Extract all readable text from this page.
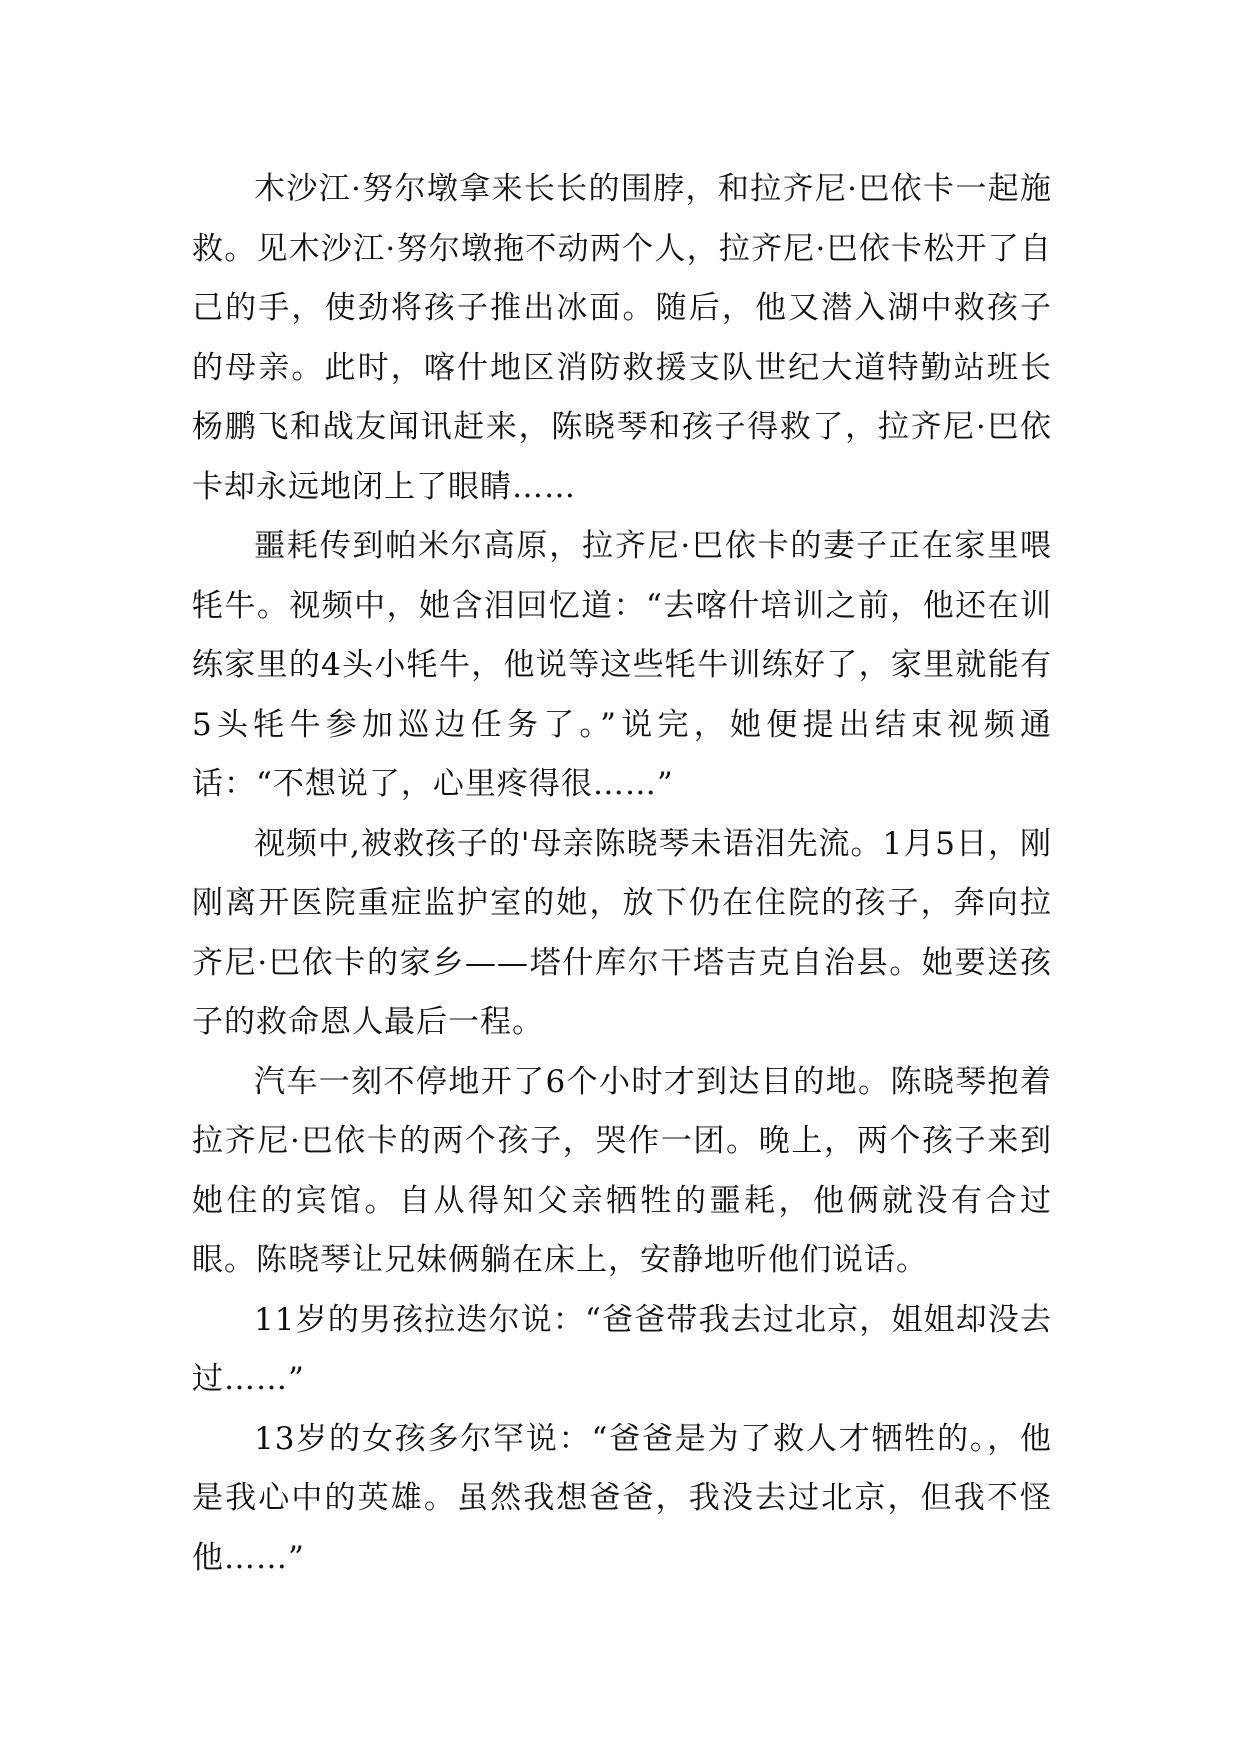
木沙江·努尔墩拿来长长的围脖，和拉齐尼·巴依卡一起施救。见木沙江·努尔墩拖不动两个人，拉齐尼·巴依卡松开了自己的手，使劲将孩子推出冰面。随后，他又潜入湖中救孩子的母亲。此时，喀什地区消防救援支队世纪大道特勤站班长杨鹏飞和战友闻讯赶来，陈晓琴和孩子得救了，拉齐尼·巴依卡却永远地闭上了眼睛……

噩耗传到帕米尔高原，拉齐尼·巴依卡的妻子正在家里喂牦牛。视频中，她含泪回忆道：“去喀什培训之前，他还在训练家里的4头小牦牛，他说等这些牦牛训练好了，家里就能有5头牦牛参加巡边任务了。”说完，她便提出结束视频通话：“不想说了，心里疼得很……”

视频中,被救孩子的'母亲陈晓琴未语泪先流。1月5日，刚刚离开医院重症监护室的她，放下仍在住院的孩子，奔向拉齐尼·巴依卡的家乡——塔什库尔干塔吉克自治县。她要送孩子的救命恩人最后一程。

汽车一刻不停地开了6个小时才到达目的地。陈晓琴抱着拉齐尼·巴依卡的两个孩子，哭作一团。晚上，两个孩子来到她住的宾馆。自从得知父亲牺牲的噩耗，他俩就没有合过眼。陈晓琴让兄妹俩躺在床上，安静地听他们说话。

11岁的男孩拉迭尔说：“爸爸带我去过北京，姐姐却没去过……”

13岁的女孩多尔罕说：“爸爸是为了救人才牺牲的。，他是我心中的英雄。虽然我想爸爸，我没去过北京，但我不怪他……”
